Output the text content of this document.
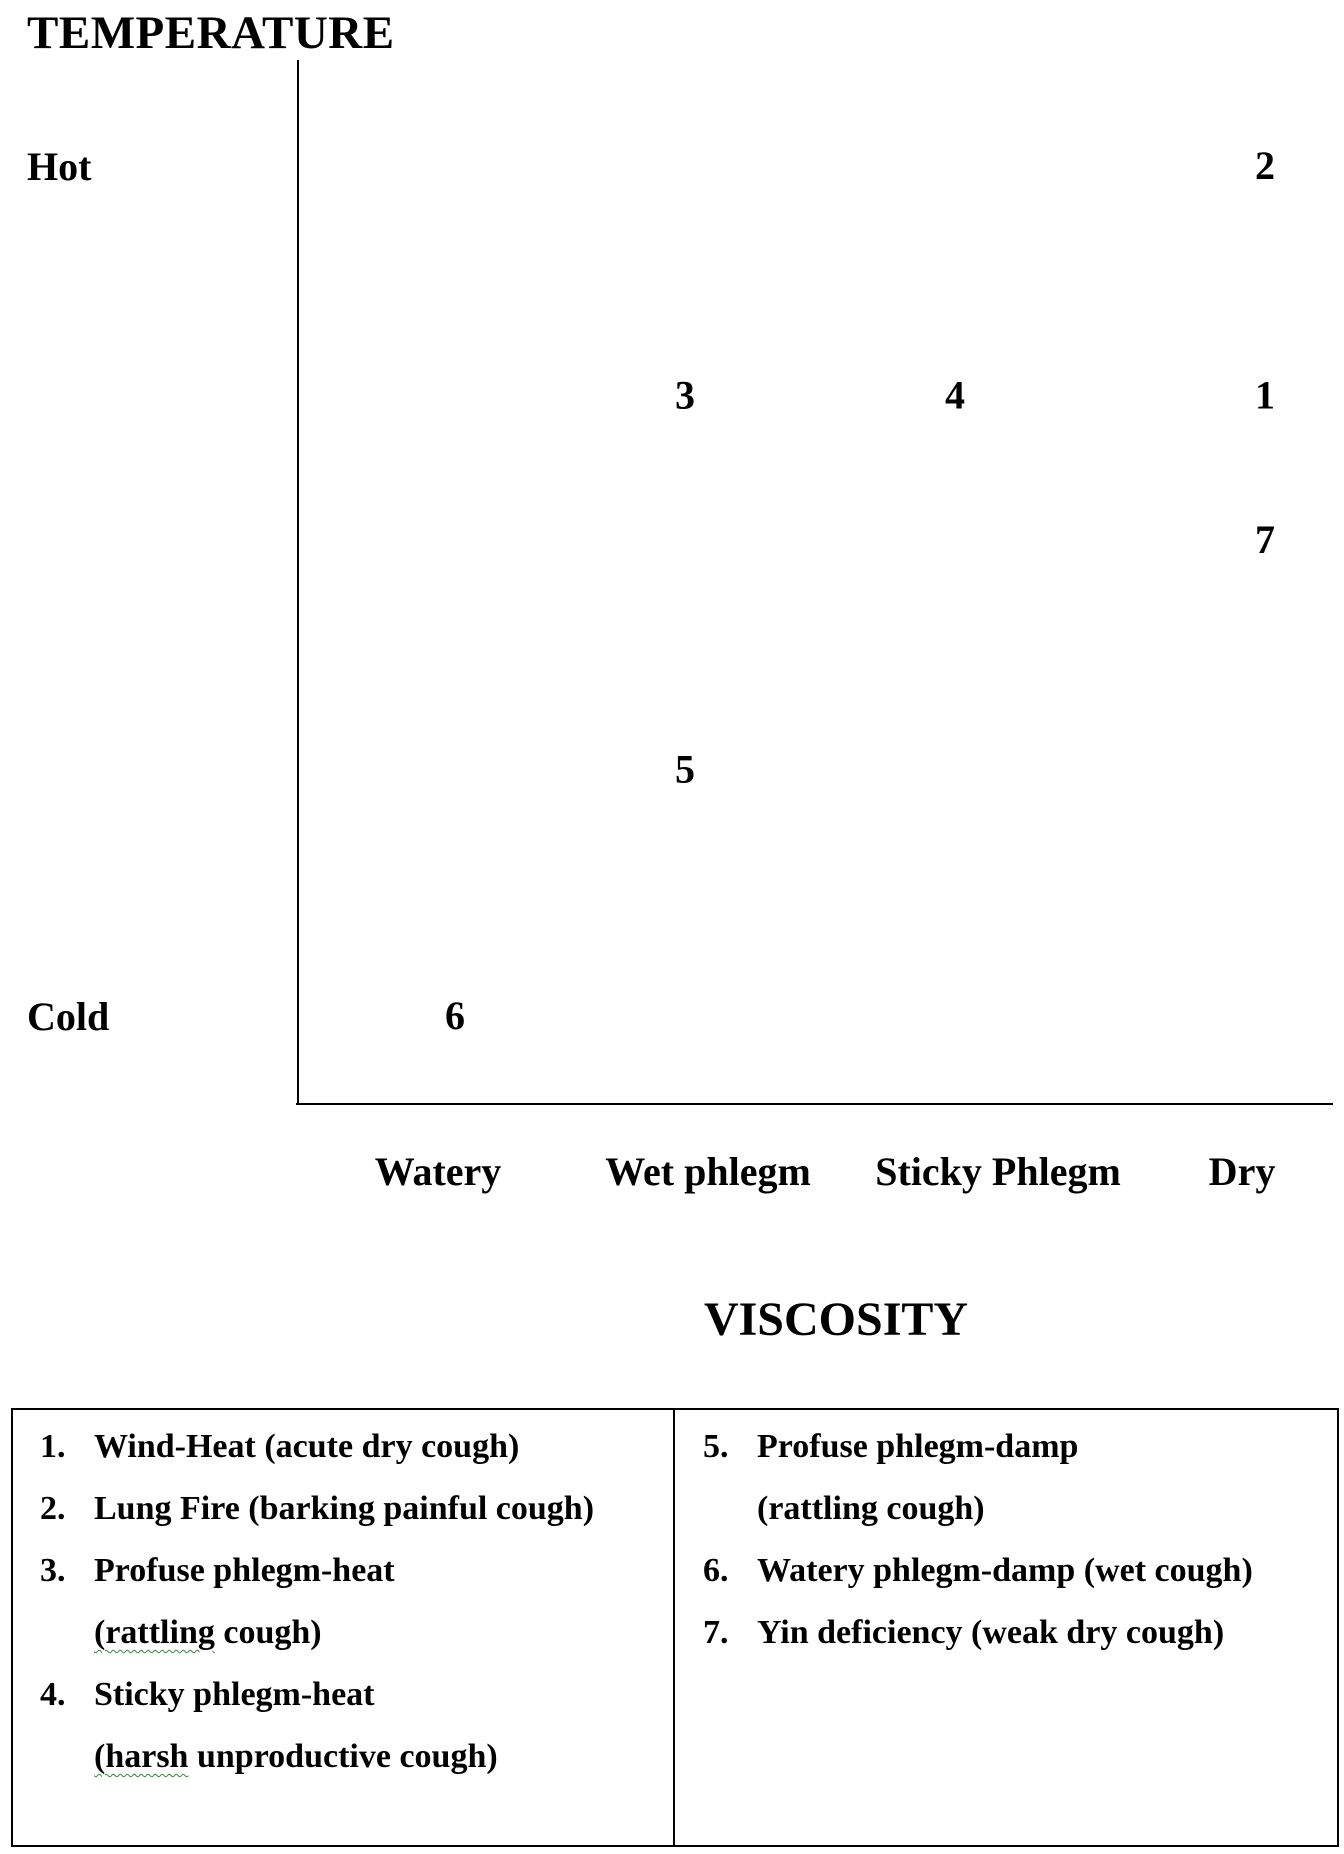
TEMPERATURE
Hot
Cold
1
2
3	4
5
6
7
Watery	Wet phlegm Sticky Phlegm Dry
VISCOSITY
1. Wind-Heat (acute dry cough)
2. Lung Fire (barking painful cough)
3. Profuse phlegm-heat
(rattling cough)
4. Sticky phlegm-heat
(harsh unproductive cough)
5. Profuse phlegm-damp
(rattling cough)
6. Watery phlegm-damp (wet cough)
7. Yin deficiency (weak dry cough)
